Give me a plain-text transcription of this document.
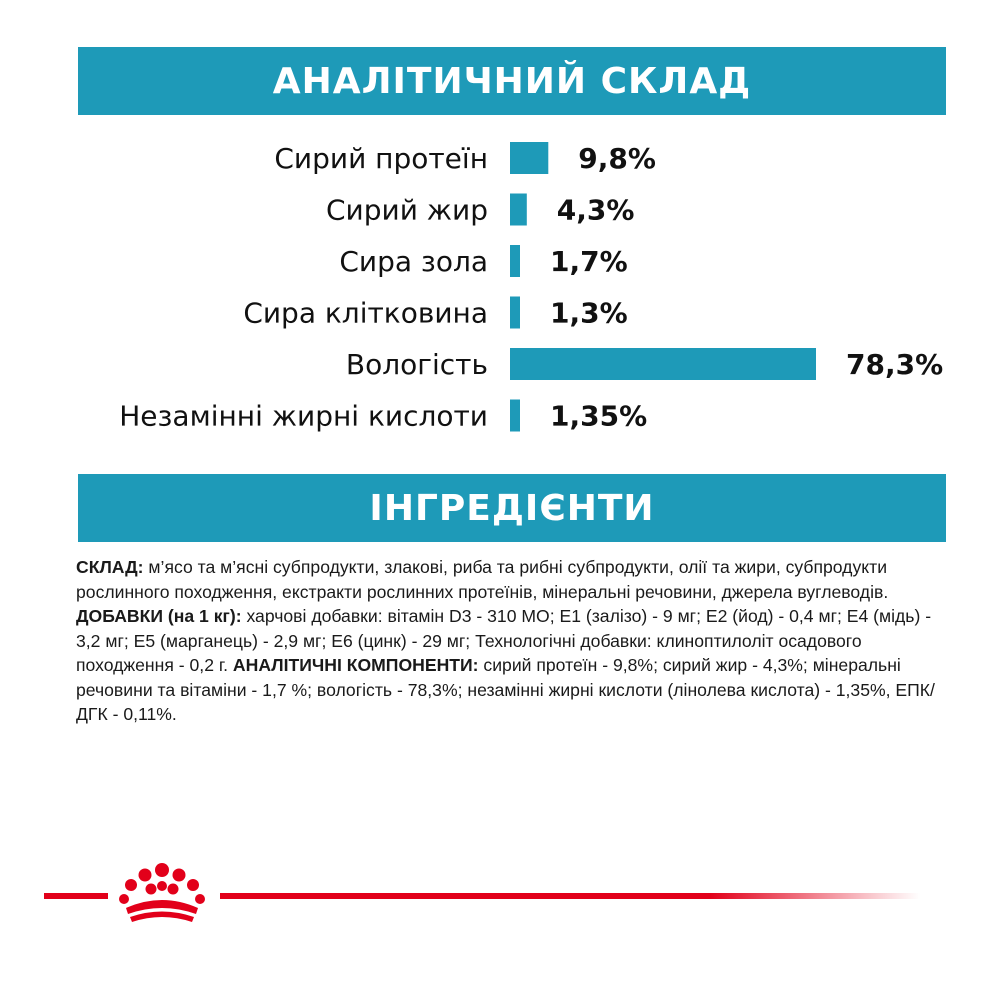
АНАЛІТИЧНИЙ СКЛАД
Сирий протеїн	9,8%
Сирий жир 4,3%
Сира зола 1,7%
Сира клітковина 1,3%
Вологість	78,3%
Незамінні жирні кислоти 1,35%
ІНГРЕДІЄНТИ

СКЛАД: м’ясо та м’ясні субпродукти, злакові, риба та рибні субпродукти, олії та жири, субпродукти рослинного походження, екстракти рослинних протеїнів, мінеральні речовини, джерела вуглеводів. ДОБАВКИ (на 1 кг): харчові добавки: вітамін D3 - 310 МО; Е1 (залізо) - 9 мг; Е2 (йод) - 0,4 мг; Е4 (мідь) - 3,2 мг; Е5 (марганець) - 2,9 мг; Е6 (цинк) - 29 мг; Технологічні добавки: клиноптилоліт осадового походження - 0,2 г. АНАЛІТИЧНІ КОМПОНЕНТИ: сирий протеїн - 9,8%; сирий жир - 4,3%; мінеральні речовини та вітаміни - 1,7 %; вологість - 78,3%; незамінні жирні кислоти (лінолева кислота) - 1,35%, ЕПК/ДГК - 0,11%.
